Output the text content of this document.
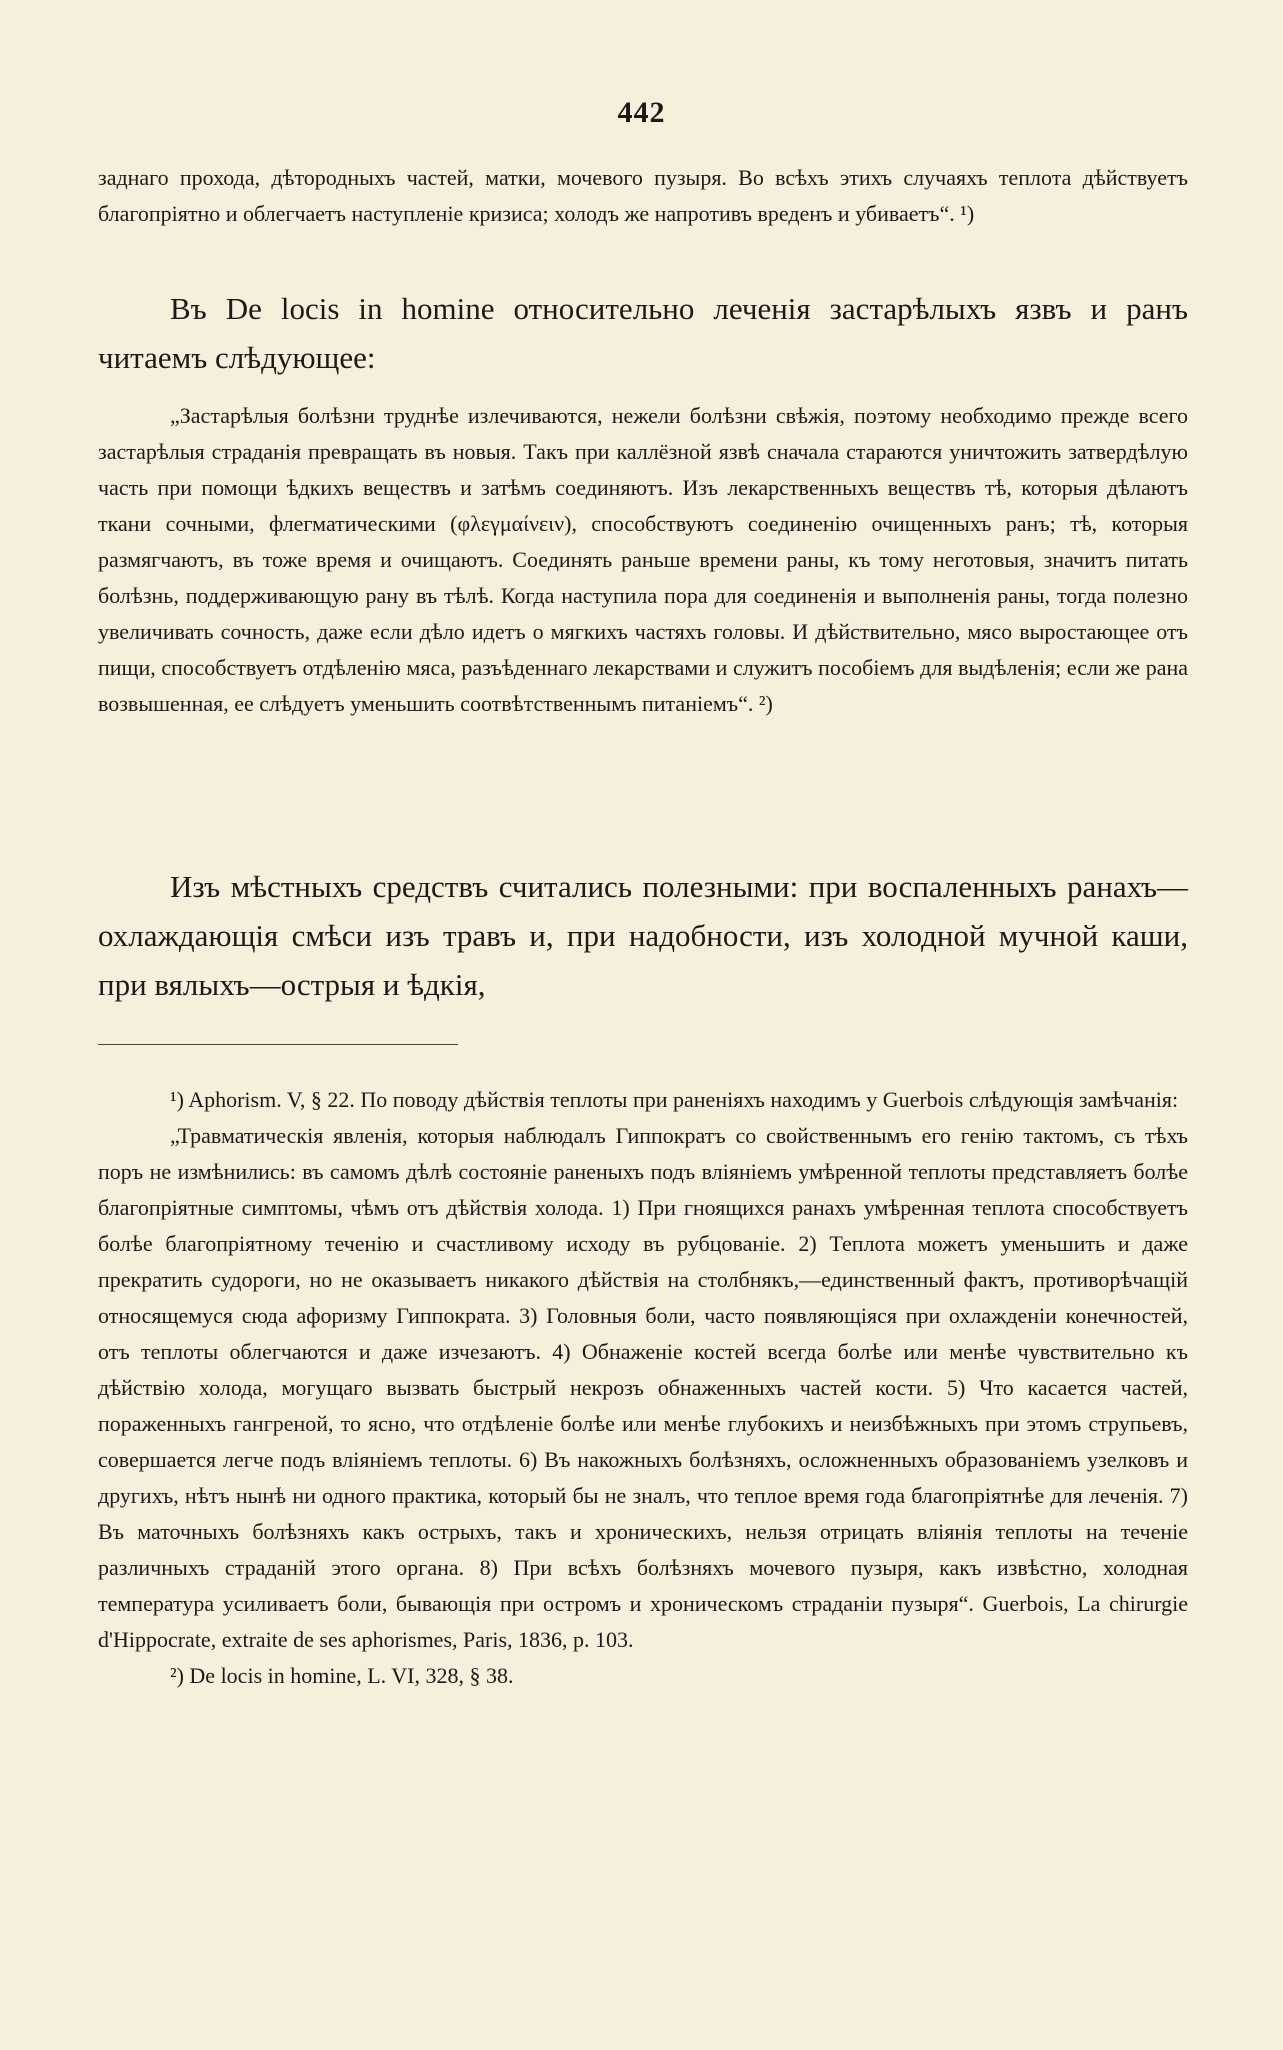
442

заднаго прохода, дѣтородныхъ частей, матки, мочевого пузыря. Во всѣхъ этихъ случаяхъ теплота дѣйствуетъ благопріятно и облегчаетъ наступленіе кризиса; холодъ же напротивъ вреденъ и убиваетъ“. ¹)

Въ De locis in homine относительно леченія застарѣлыхъ язвъ и ранъ читаемъ слѣдующее:

„Застарѣлыя болѣзни труднѣе излечиваются, нежели болѣзни свѣжія, поэтому необходимо прежде всего застарѣлыя страданія превращать въ новыя. Такъ при каллёзной язвѣ сначала стараются уничтожить затвердѣлую часть при помощи ѣдкихъ веществъ и затѣмъ соединяютъ. Изъ лекарственныхъ веществъ тѣ, которыя дѣлаютъ ткани сочными, флегматическими (φλεγμαίνειν), способствуютъ соединенію очищенныхъ ранъ; тѣ, которыя размягчаютъ, въ тоже время и очищаютъ. Соединять раньше времени раны, къ тому неготовыя, значитъ питать болѣзнь, поддерживающую рану въ тѣлѣ. Когда наступила пора для соединенія и выполненія раны, тогда полезно увеличивать сочность, даже если дѣло идетъ о мягкихъ частяхъ головы. И дѣйствительно, мясо выростающее отъ пищи, способствуетъ отдѣленію мяса, разъѣденнаго лекарствами и служитъ пособіемъ для выдѣленія; если же рана возвышенная, ее слѣдуетъ уменьшить соотвѣтственнымъ питаніемъ“. ²)

Изъ мѣстныхъ средствъ считались полезными: при воспаленныхъ ранахъ— охлаждающія смѣси изъ травъ и, при надобности, изъ холодной мучной каши, при вялыхъ—острыя и ѣдкія,

¹) Aphorism. V, § 22. По поводу дѣйствія теплоты при раненіяхъ находимъ у Guerbois слѣдующія замѣчанія:

„Травматическія явленія, которыя наблюдалъ Гиппократъ со свойственнымъ его генію тактомъ, съ тѣхъ поръ не измѣнились: въ самомъ дѣлѣ состояніе раненыхъ подъ вліяніемъ умѣренной теплоты представляетъ болѣе благопріятные симптомы, чѣмъ отъ дѣйствія холода. 1) При гноящихся ранахъ умѣренная теплота способствуетъ болѣе благопріятному теченію и счастливому исходу въ рубцованіе. 2) Теплота можетъ уменьшить и даже прекратить судороги, но не оказываетъ никакого дѣйствія на столбнякъ,—единственный фактъ, противорѣчащій относящемуся сюда афоризму Гиппократа. 3) Головныя боли, часто появляющіяся при охлажденіи конечностей, отъ теплоты облегчаются и даже изчезаютъ. 4) Обнаженіе костей всегда болѣе или менѣе чувствительно къ дѣйствію холода, могущаго вызвать быстрый некрозъ обнаженныхъ частей кости. 5) Что касается частей, пораженныхъ гангреной, то ясно, что отдѣленіе болѣе или менѣе глубокихъ и неизбѣжныхъ при этомъ струпьевъ, совершается легче подъ вліяніемъ теплоты. 6) Въ накожныхъ болѣзняхъ, осложненныхъ образованіемъ узелковъ и другихъ, нѣтъ нынѣ ни одного практика, который бы не зналъ, что теплое время года благопріятнѣе для леченія. 7) Въ маточныхъ болѣзняхъ какъ острыхъ, такъ и хроническихъ, нельзя отрицать вліянія теплоты на теченіе различныхъ страданій этого органа. 8) При всѣхъ болѣзняхъ мочевого пузыря, какъ извѣстно, холодная температура усиливаетъ боли, бывающія при остромъ и хроническомъ страданіи пузыря“. Guerbois, La chirurgie d'Hippocrate, extraite de ses aphorismes, Paris, 1836, p. 103.

²) De locis in homine, L. VI, 328, § 38.
